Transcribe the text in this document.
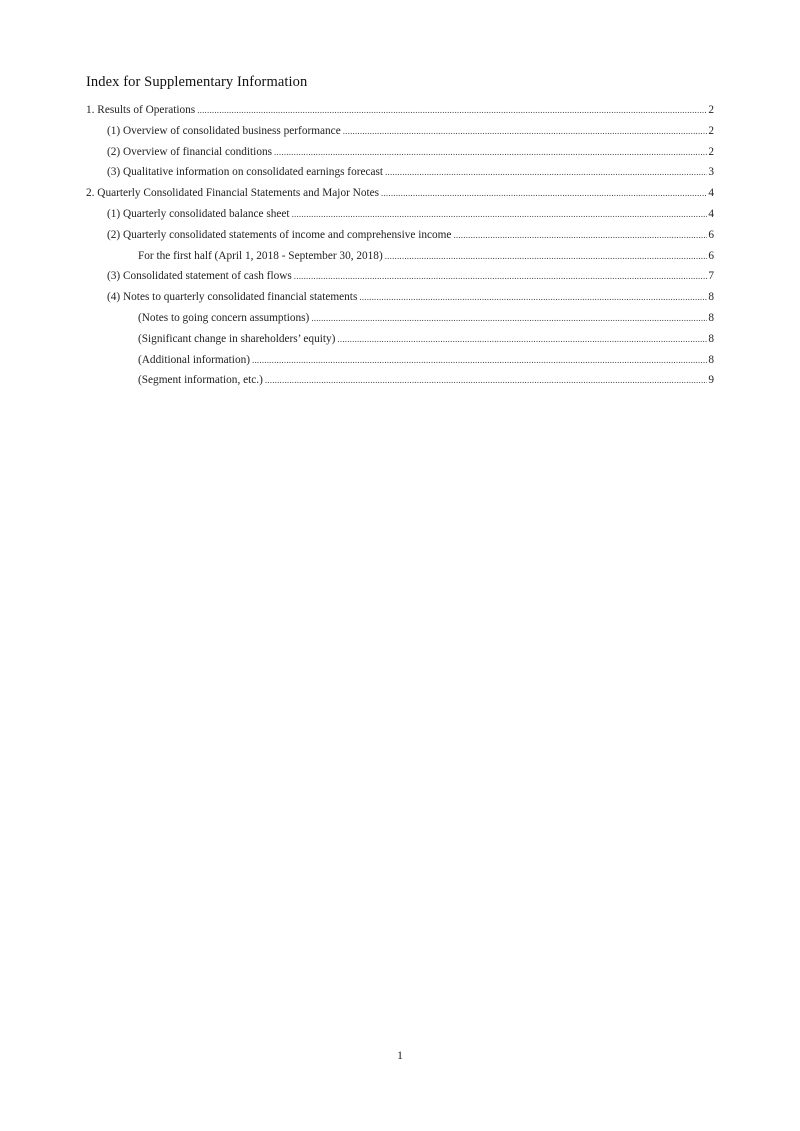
Index for Supplementary Information
1. Results of Operations .....	2
(1) Overview of consolidated business performance .....	2
(2) Overview of financial conditions .....	2
(3) Qualitative information on consolidated earnings forecast .....	3
2. Quarterly Consolidated Financial Statements and Major Notes .....	4
(1) Quarterly consolidated balance sheet .....	4
(2) Quarterly consolidated statements of income and comprehensive income .....	6
For the first half (April 1, 2018 - September 30, 2018) .....	6
(3) Consolidated statement of cash flows .....	7
(4) Notes to quarterly consolidated financial statements .....	8
(Notes to going concern assumptions) .....	8
(Significant change in shareholders’ equity) .....	8
(Additional information) .....	8
(Segment information, etc.) .....	9
1
